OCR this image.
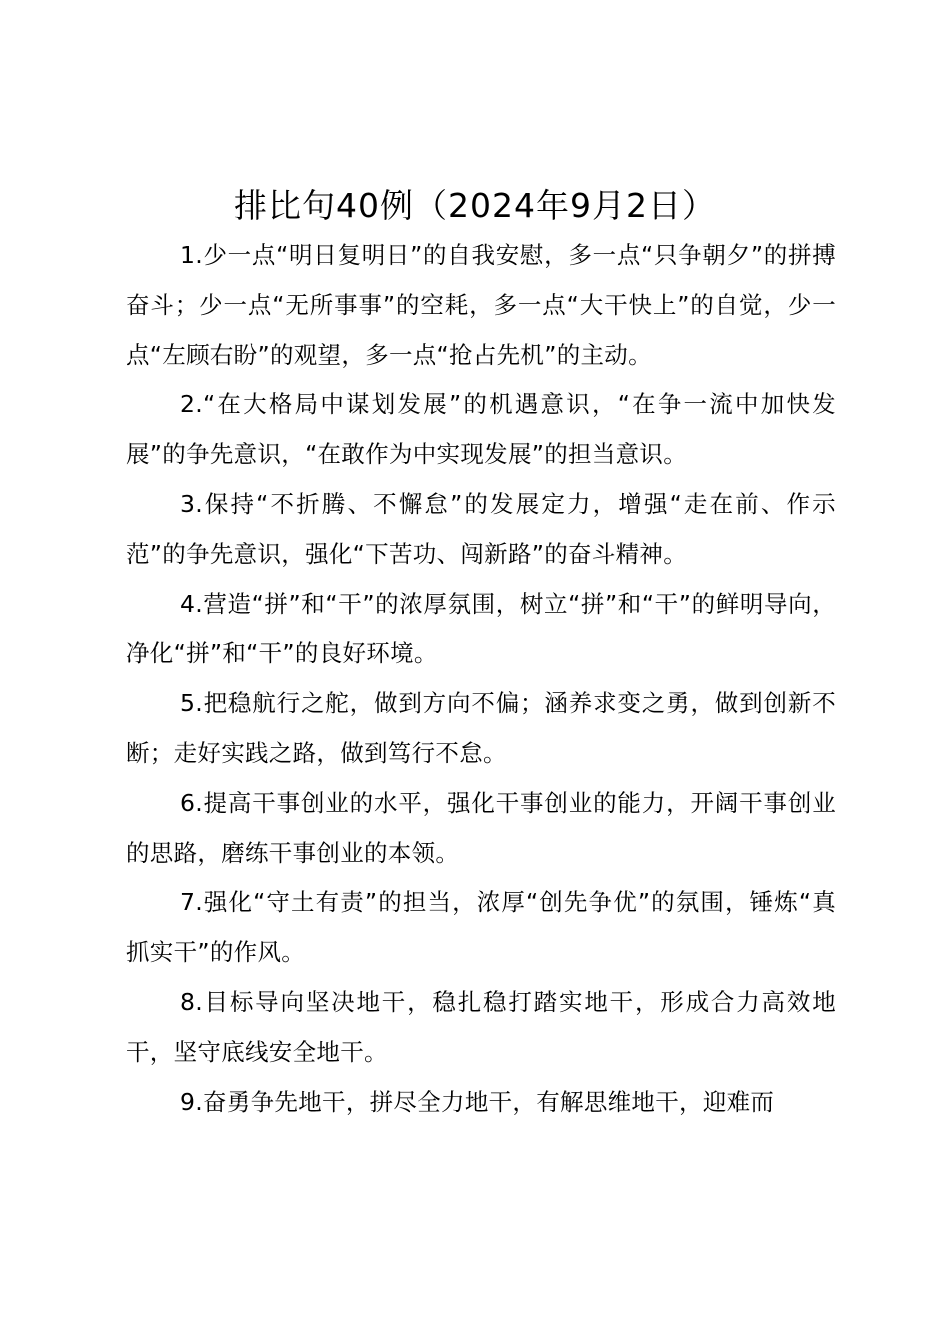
排比句40例（2024年9月2日）

1.少一点“明日复明日”的自我安慰，多一点“只争朝夕”的拼搏奋斗；少一点“无所事事”的空耗，多一点“大干快上”的自觉，少一点“左顾右盼”的观望，多一点“抢占先机”的主动。

2.“在大格局中谋划发展”的机遇意识，“在争一流中加快发展”的争先意识，“在敢作为中实现发展”的担当意识。

3.保持“不折腾、不懈怠”的发展定力，增强“走在前、作示范”的争先意识，强化“下苦功、闯新路”的奋斗精神。

4.营造“拼”和“干”的浓厚氛围，树立“拼”和“干”的鲜明导向，净化“拼”和“干”的良好环境。

5.把稳航行之舵，做到方向不偏；涵养求变之勇，做到创新不断；走好实践之路，做到笃行不怠。

6.提高干事创业的水平，强化干事创业的能力，开阔干事创业的思路，磨练干事创业的本领。

7.强化“守土有责”的担当，浓厚“创先争优”的氛围，锤炼“真抓实干”的作风。

8.目标导向坚决地干，稳扎稳打踏实地干，形成合力高效地干，坚守底线安全地干。

9.奋勇争先地干，拼尽全力地干，有解思维地干，迎难而
